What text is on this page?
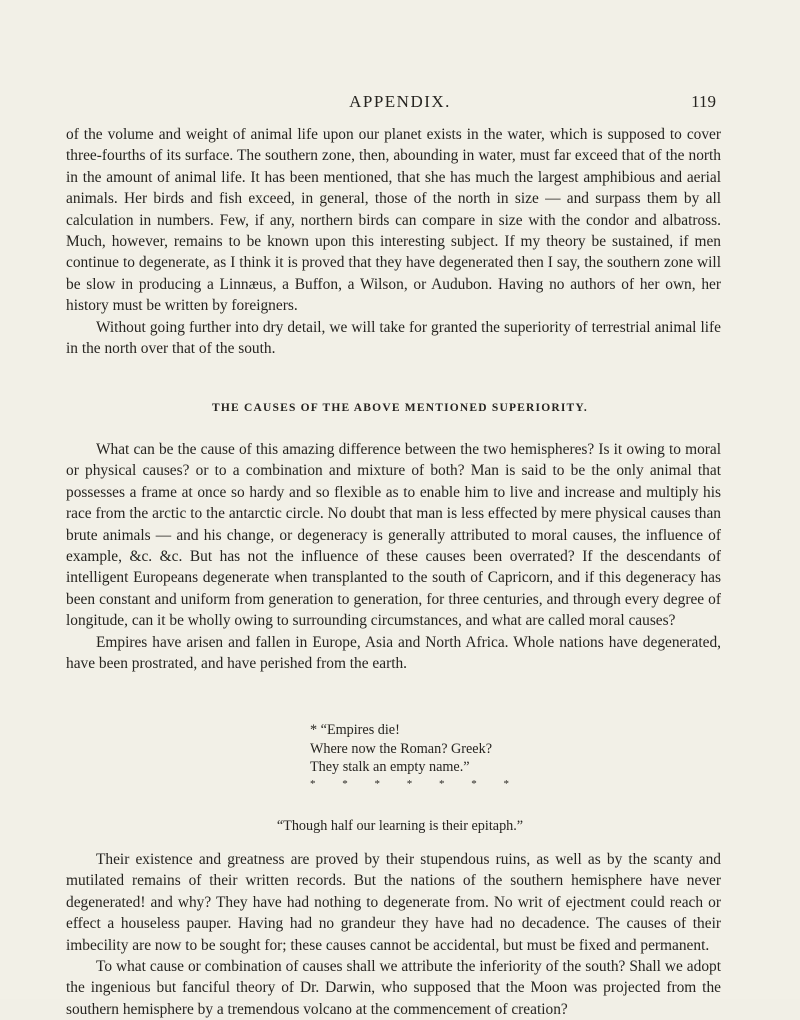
APPENDIX.	119

of the volume and weight of animal life upon our planet exists in the water, which is supposed to cover three-fourths of its surface. The southern zone, then, abounding in water, must far exceed that of the north in the amount of animal life. It has been mentioned, that she has much the largest amphibious and aerial animals. Her birds and fish exceed, in general, those of the north in size — and surpass them by all calculation in numbers. Few, if any, northern birds can compare in size with the condor and albatross. Much, however, remains to be known upon this interesting subject. If my theory be sustained, if men continue to degenerate, as I think it is proved that they have degenerated then I say, the southern zone will be slow in producing a Linnæus, a Buffon, a Wilson, or Audubon. Having no authors of her own, her history must be written by foreigners.

Without going further into dry detail, we will take for granted the superiority of terrestrial animal life in the north over that of the south.

THE CAUSES OF THE ABOVE MENTIONED SUPERIORITY.

What can be the cause of this amazing difference between the two hemispheres? Is it owing to moral or physical causes? or to a combination and mixture of both? Man is said to be the only animal that possesses a frame at once so hardy and so flexible as to enable him to live and increase and multiply his race from the arctic to the antarctic circle. No doubt that man is less effected by mere physical causes than brute animals — and his change, or degeneracy is generally attributed to moral causes, the influence of example, &c. &c. But has not the influence of these causes been overrated? If the descendants of intelligent Europeans degenerate when transplanted to the south of Capricorn, and if this degeneracy has been constant and uniform from generation to generation, for three centuries, and through every degree of longitude, can it be wholly owing to surrounding circumstances, and what are called moral causes?

Empires have arisen and fallen in Europe, Asia and North Africa. Whole nations have degenerated, have been prostrated, and have perished from the earth.

* “Empires die!
Where now the Roman? Greek?
They stalk an empty name.”
* * * * * * *
“Though half our learning is their epitaph.”

Their existence and greatness are proved by their stupendous ruins, as well as by the scanty and mutilated remains of their written records. But the nations of the southern hemisphere have never degenerated! and why? They have had nothing to degenerate from. No writ of ejectment could reach or effect a houseless pauper. Having had no grandeur they have had no decadence. The causes of their imbecility are now to be sought for; these causes cannot be accidental, but must be fixed and permanent.

To what cause or combination of causes shall we attribute the inferiority of the south? Shall we adopt the ingenious but fanciful theory of Dr. Darwin, who supposed that the Moon was projected from the southern hemisphere by a tremendous volcano at the commencement of creation?
